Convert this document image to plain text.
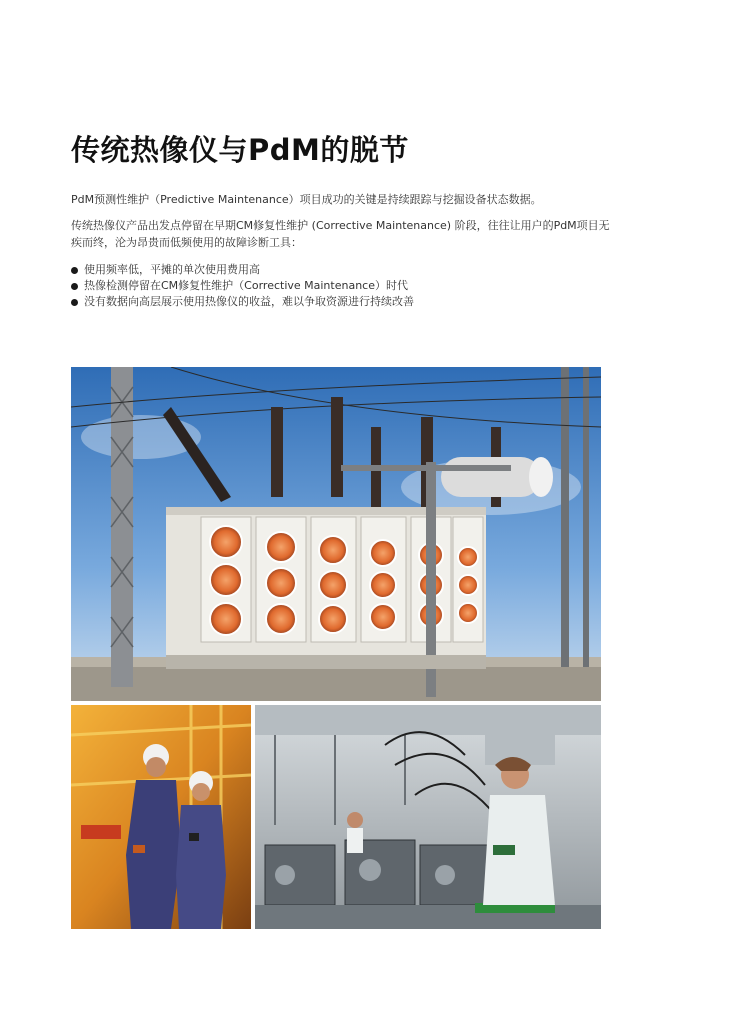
传统热像仪与PdM的脱节
PdM预测性维护（Predictive Maintenance）项目成功的关键是持续跟踪与挖掘设备状态数据。
传统热像仪产品出发点停留在早期CM修复性维护 (Corrective Maintenance) 阶段，往往让用户的PdM项目无疾而终，沦为昂贵而低频使用的故障诊断工具：
使用频率低，平摊的单次使用费用高
热像检测停留在CM修复性维护（Corrective Maintenance）时代
没有数据向高层展示使用热像仪的收益，难以争取资源进行持续改善
